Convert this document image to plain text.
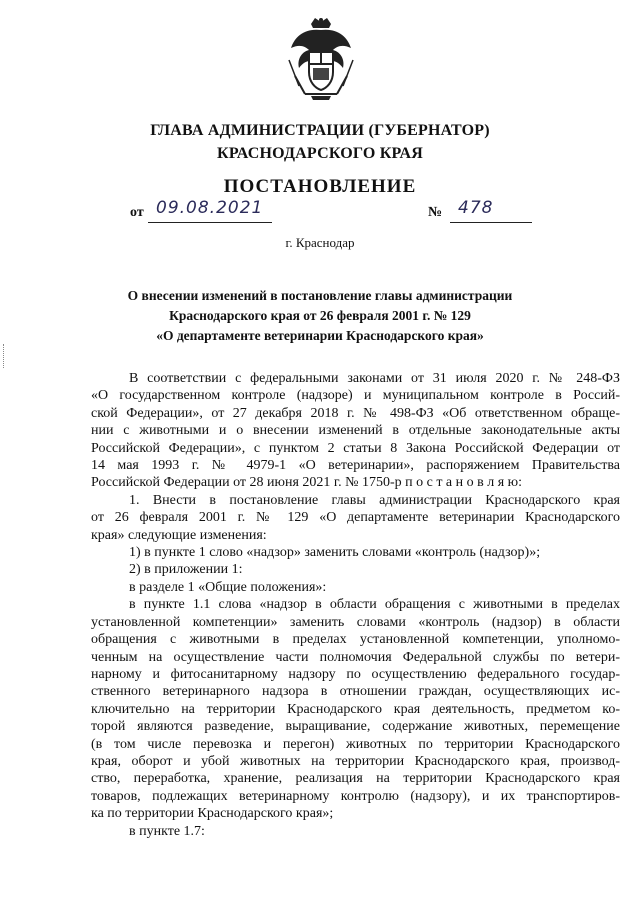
ГЛАВА АДМИНИСТРАЦИИ (ГУБЕРНАТОР)
КРАСНОДАРСКОГО КРАЯ
ПОСТАНОВЛЕНИЕ
от 09.08.2021	№ 478
г. Краснодар
О внесении изменений в постановление главы администрации
Краснодарского края от 26 февраля 2001 г. № 129
«О департаменте ветеринарии Краснодарского края»

В соответствии с федеральными законами от 31 июля 2020 г. № 248-ФЗ

«О государственном контроле (надзоре) и муниципальном контроле в Россий-

ской Федерации», от 27 декабря 2018 г. № 498-ФЗ «Об ответственном обраще-

нии с животными и о внесении изменений в отдельные законодательные акты

Российской Федерации», с пунктом 2 статьи 8 Закона Российской Федерации от

14 мая 1993 г. № 4979-1 «О ветеринарии», распоряжением Правительства

Российской Федерации от 28 июня 2021 г. № 1750-р п о с т а н о в л я ю:

1. Внести в постановление главы администрации Краснодарского края

от 26 февраля 2001 г. № 129 «О департаменте ветеринарии Краснодарского

края» следующие изменения:

1) в пункте 1 слово «надзор» заменить словами «контроль (надзор)»;

2) в приложении 1:

в разделе 1 «Общие положения»:

в пункте 1.1 слова «надзор в области обращения с животными в пределах

установленной компетенции» заменить словами «контроль (надзор) в области

обращения с животными в пределах установленной компетенции, уполномо-

ченным на осуществление части полномочия Федеральной службы по ветери-

нарному и фитосанитарному надзору по осуществлению федерального государ-

ственного ветеринарного надзора в отношении граждан, осуществляющих ис-

ключительно на территории Краснодарского края деятельность, предметом ко-

торой являются разведение, выращивание, содержание животных, перемещение

(в том числе перевозка и перегон) животных по территории Краснодарского

края, оборот и убой животных на территории Краснодарского края, производ-

ство, переработка, хранение, реализация на территории Краснодарского края

товаров, подлежащих ветеринарному контролю (надзору), и их транспортиров-

ка по территории Краснодарского края»;

в пункте 1.7:
